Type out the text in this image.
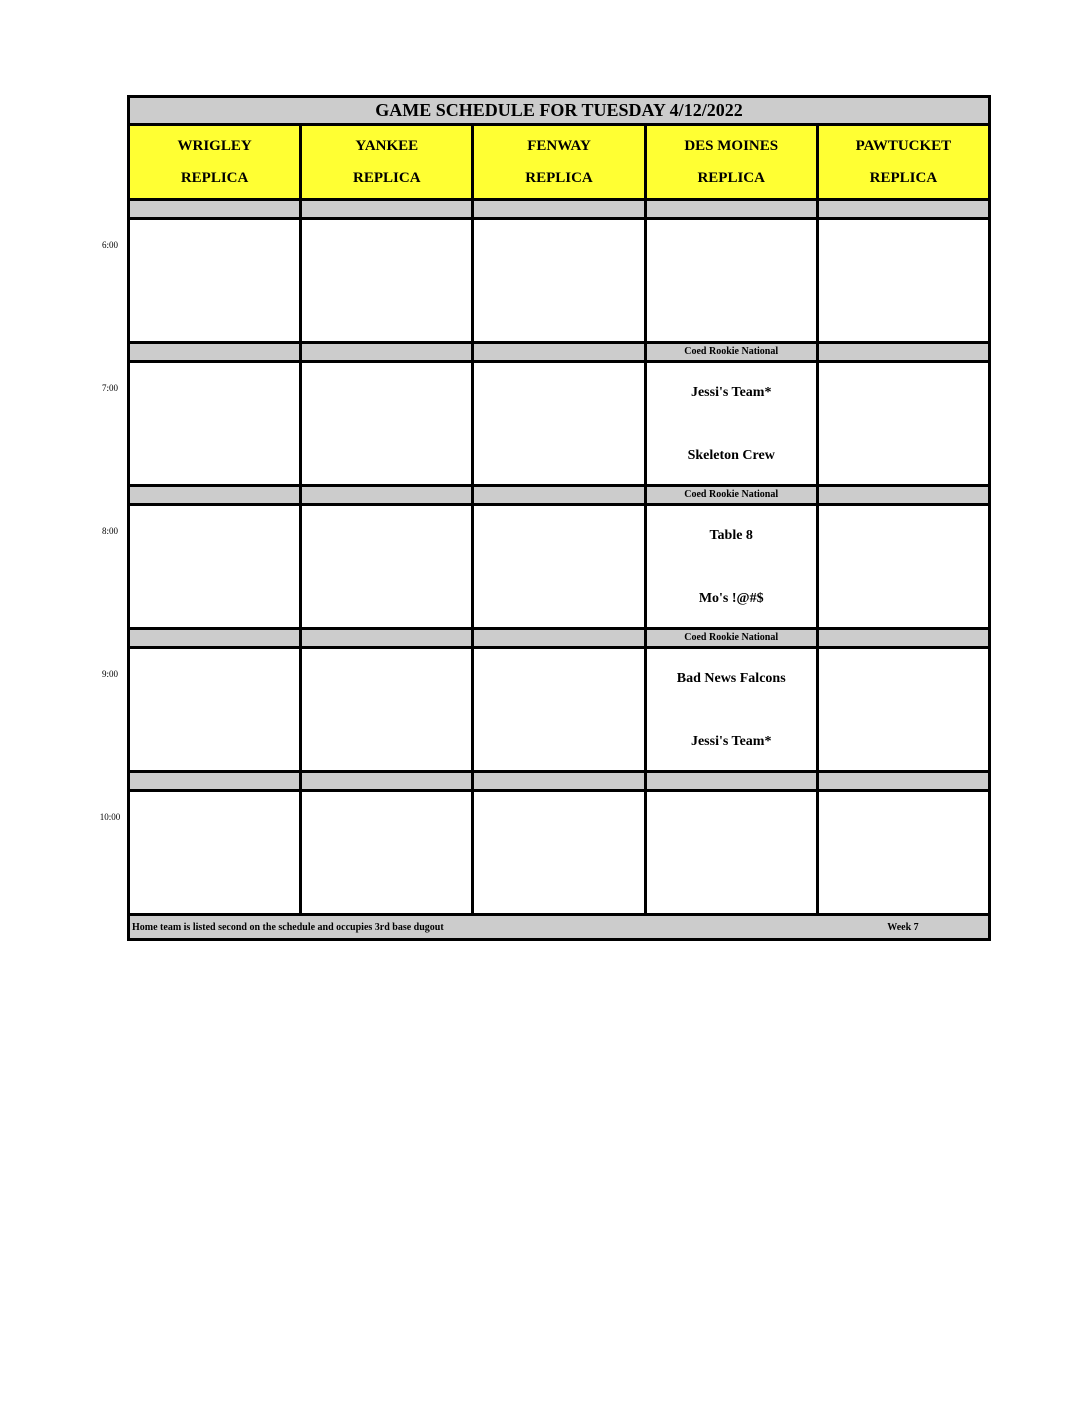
GAME SCHEDULE FOR TUESDAY 4/12/2022
WRIGLEY
REPLICA
YANKEE
REPLICA
FENWAY
REPLICA
DES MOINES
REPLICA
PAWTUCKET
REPLICA
Coed Rookie National
Jessi's Team*
Skeleton Crew
Coed Rookie National
Table 8
Mo's !@#$
Coed Rookie National
Bad News Falcons
Jessi's Team*
Home team is listed second on the schedule and occupies 3rd base dugout	Week 7
6:00
7:00
8:00
9:00
10:00
